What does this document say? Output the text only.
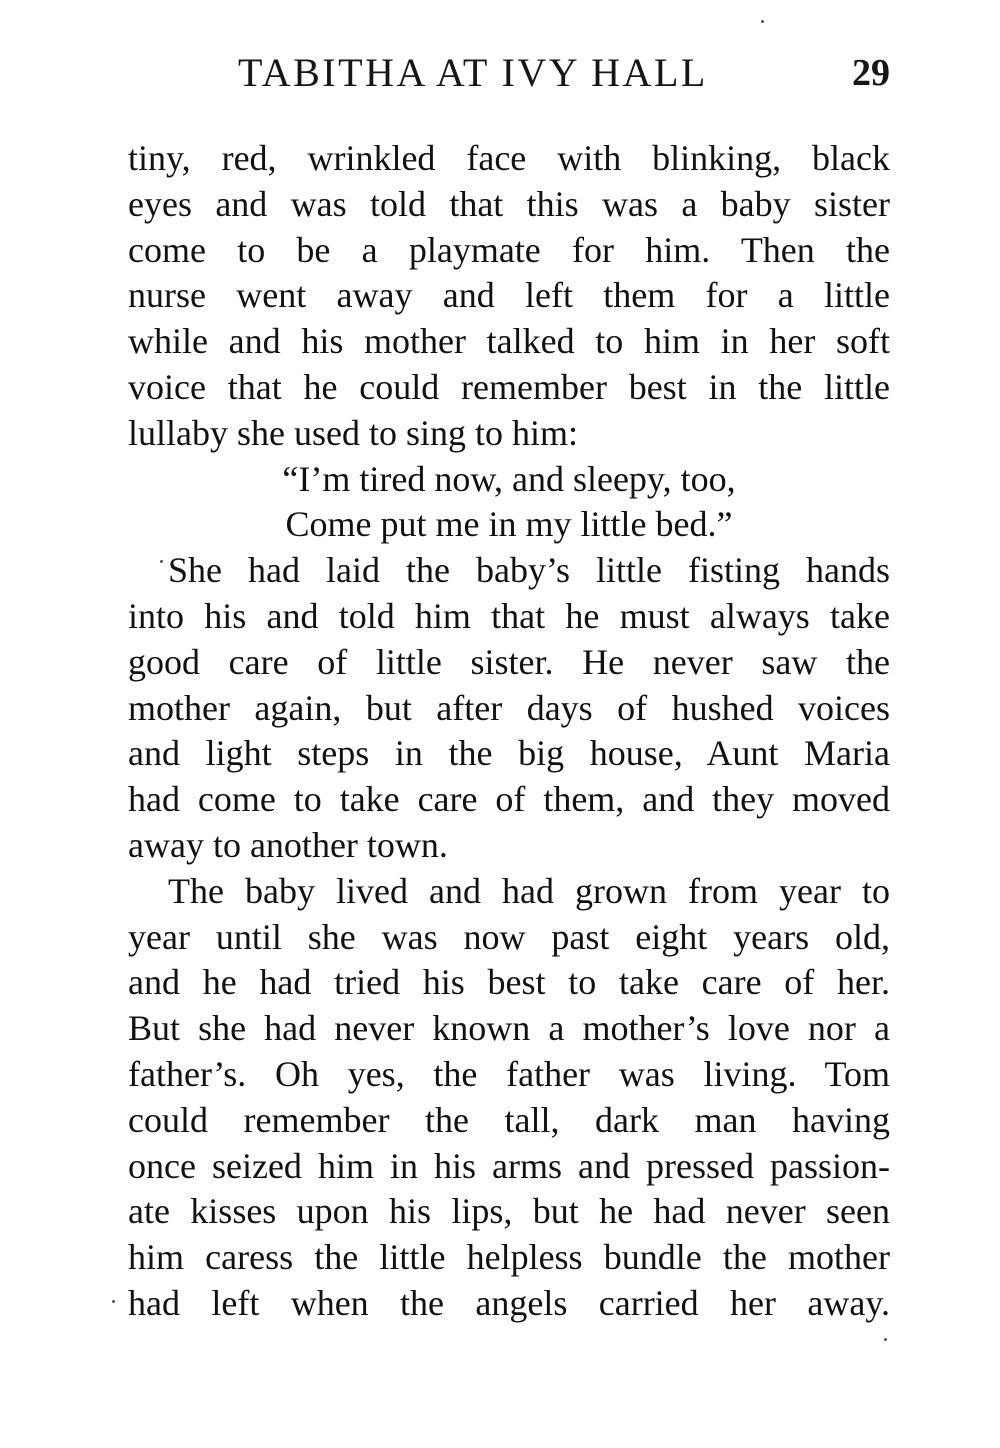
TABITHA AT IVY HALL	29
tiny, red, wrinkled face with blinking, black
eyes and was told that this was a baby sister
come to be a playmate for him. Then the
nurse went away and left them for a little
while and his mother talked to him in her soft
voice that he could remember best in the little
lullaby she used to sing to him:
“I’m tired now, and sleepy, too,
Come put me in my little bed.”
She had laid the baby’s little fisting hands
into his and told him that he must always take
good care of little sister. He never saw the
mother again, but after days of hushed voices
and light steps in the big house, Aunt Maria
had come to take care of them, and they moved
away to another town.
The baby lived and had grown from year to
year until she was now past eight years old,
and he had tried his best to take care of her.
But she had never known a mother’s love nor a
father’s. Oh yes, the father was living. Tom
could remember the tall, dark man having
once seized him in his arms and pressed passion-
ate kisses upon his lips, but he had never seen
him caress the little helpless bundle the mother
had left when the angels carried her away.
